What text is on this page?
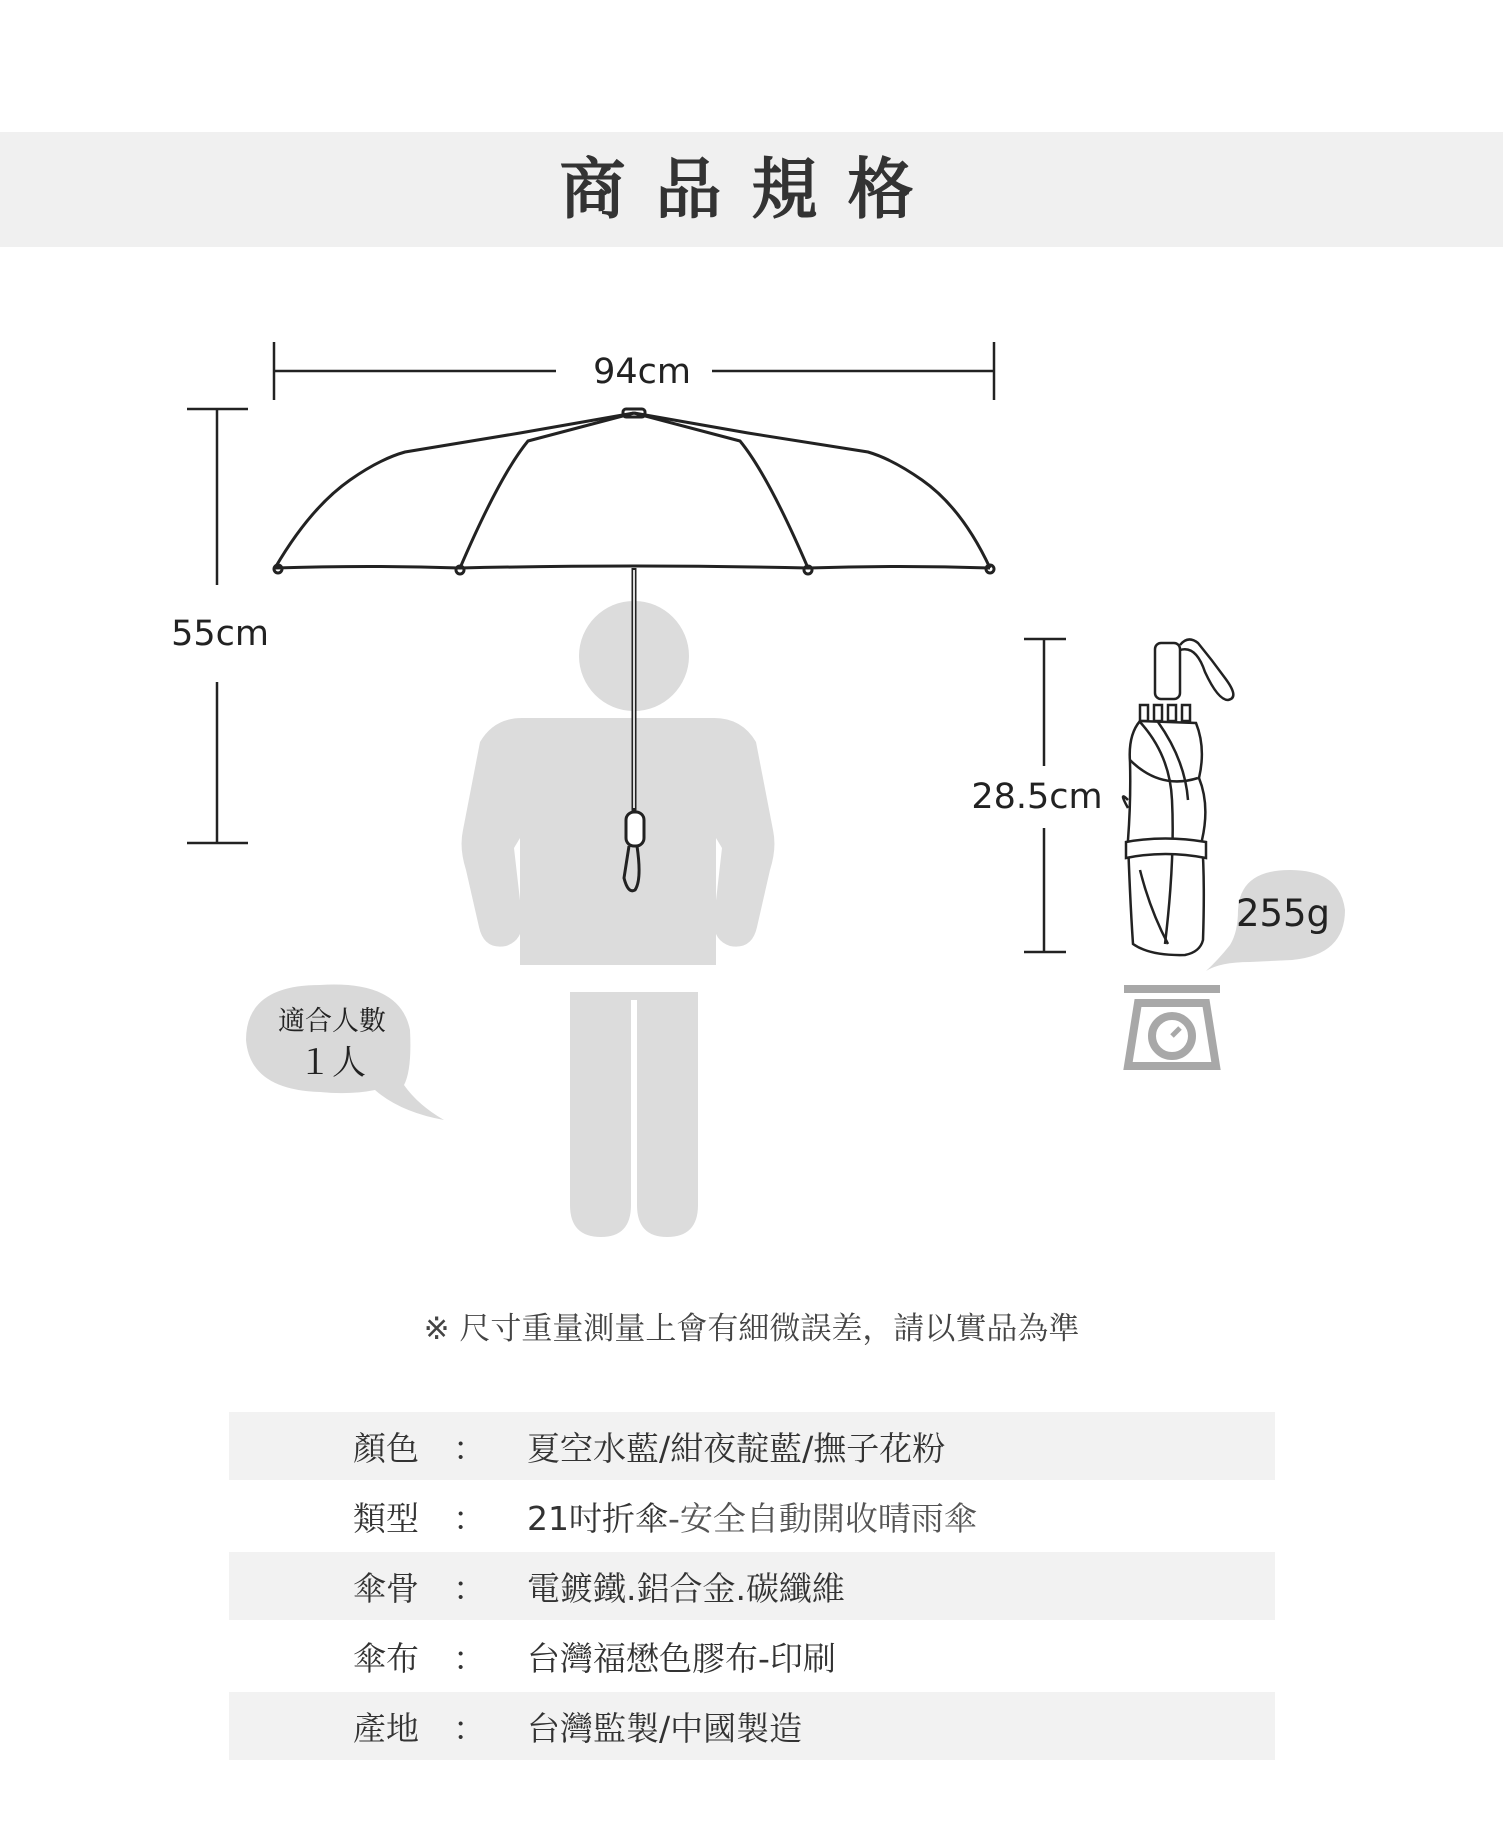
商品規格
94cm
55cm
28.5cm
255g
適合人數
１人
※ 尺寸重量測量上會有細微誤差，請以實品為準
顏色	：	夏空水藍/紺夜靛藍/撫子花粉
類型	：	21吋折傘-安全自動開收晴雨傘
傘骨	：	電鍍鐵.鋁合金.碳纖維
傘布	：	台灣福懋色膠布-印刷
產地	：	台灣監製/中國製造
